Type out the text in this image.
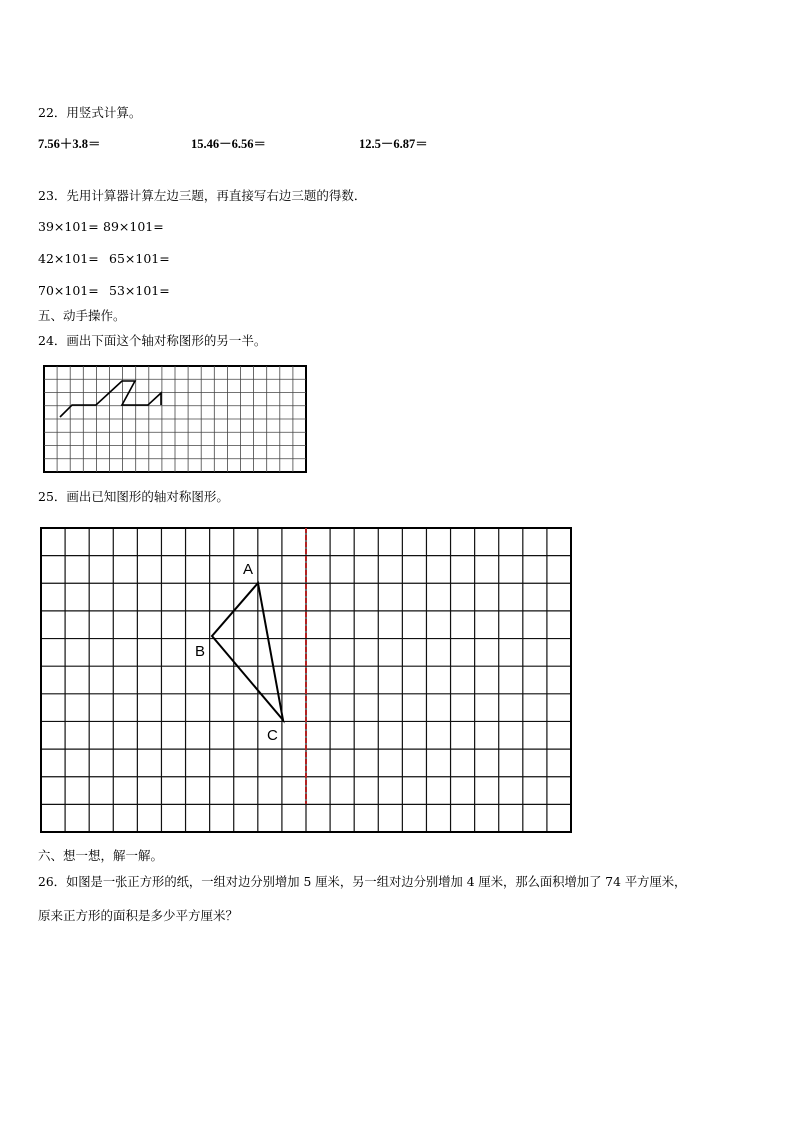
22．用竖式计算。
7.56＋3.8＝	15.46－6.56＝	12.5－6.87＝
23．先用计算器计算左边三题，再直接写右边三题的得数．
39×101= 89×101=
42×101= 65×101=
70×101= 53×101=
五、动手操作。
24．画出下面这个轴对称图形的另一半。
25．画出已知图形的轴对称图形。
A
B
C
六、想一想，解一解。
26．如图是一张正方形的纸，一组对边分别增加 5 厘米，另一组对边分别增加 4 厘米，那么面积增加了 74 平方厘米，
原来正方形的面积是多少平方厘米？
